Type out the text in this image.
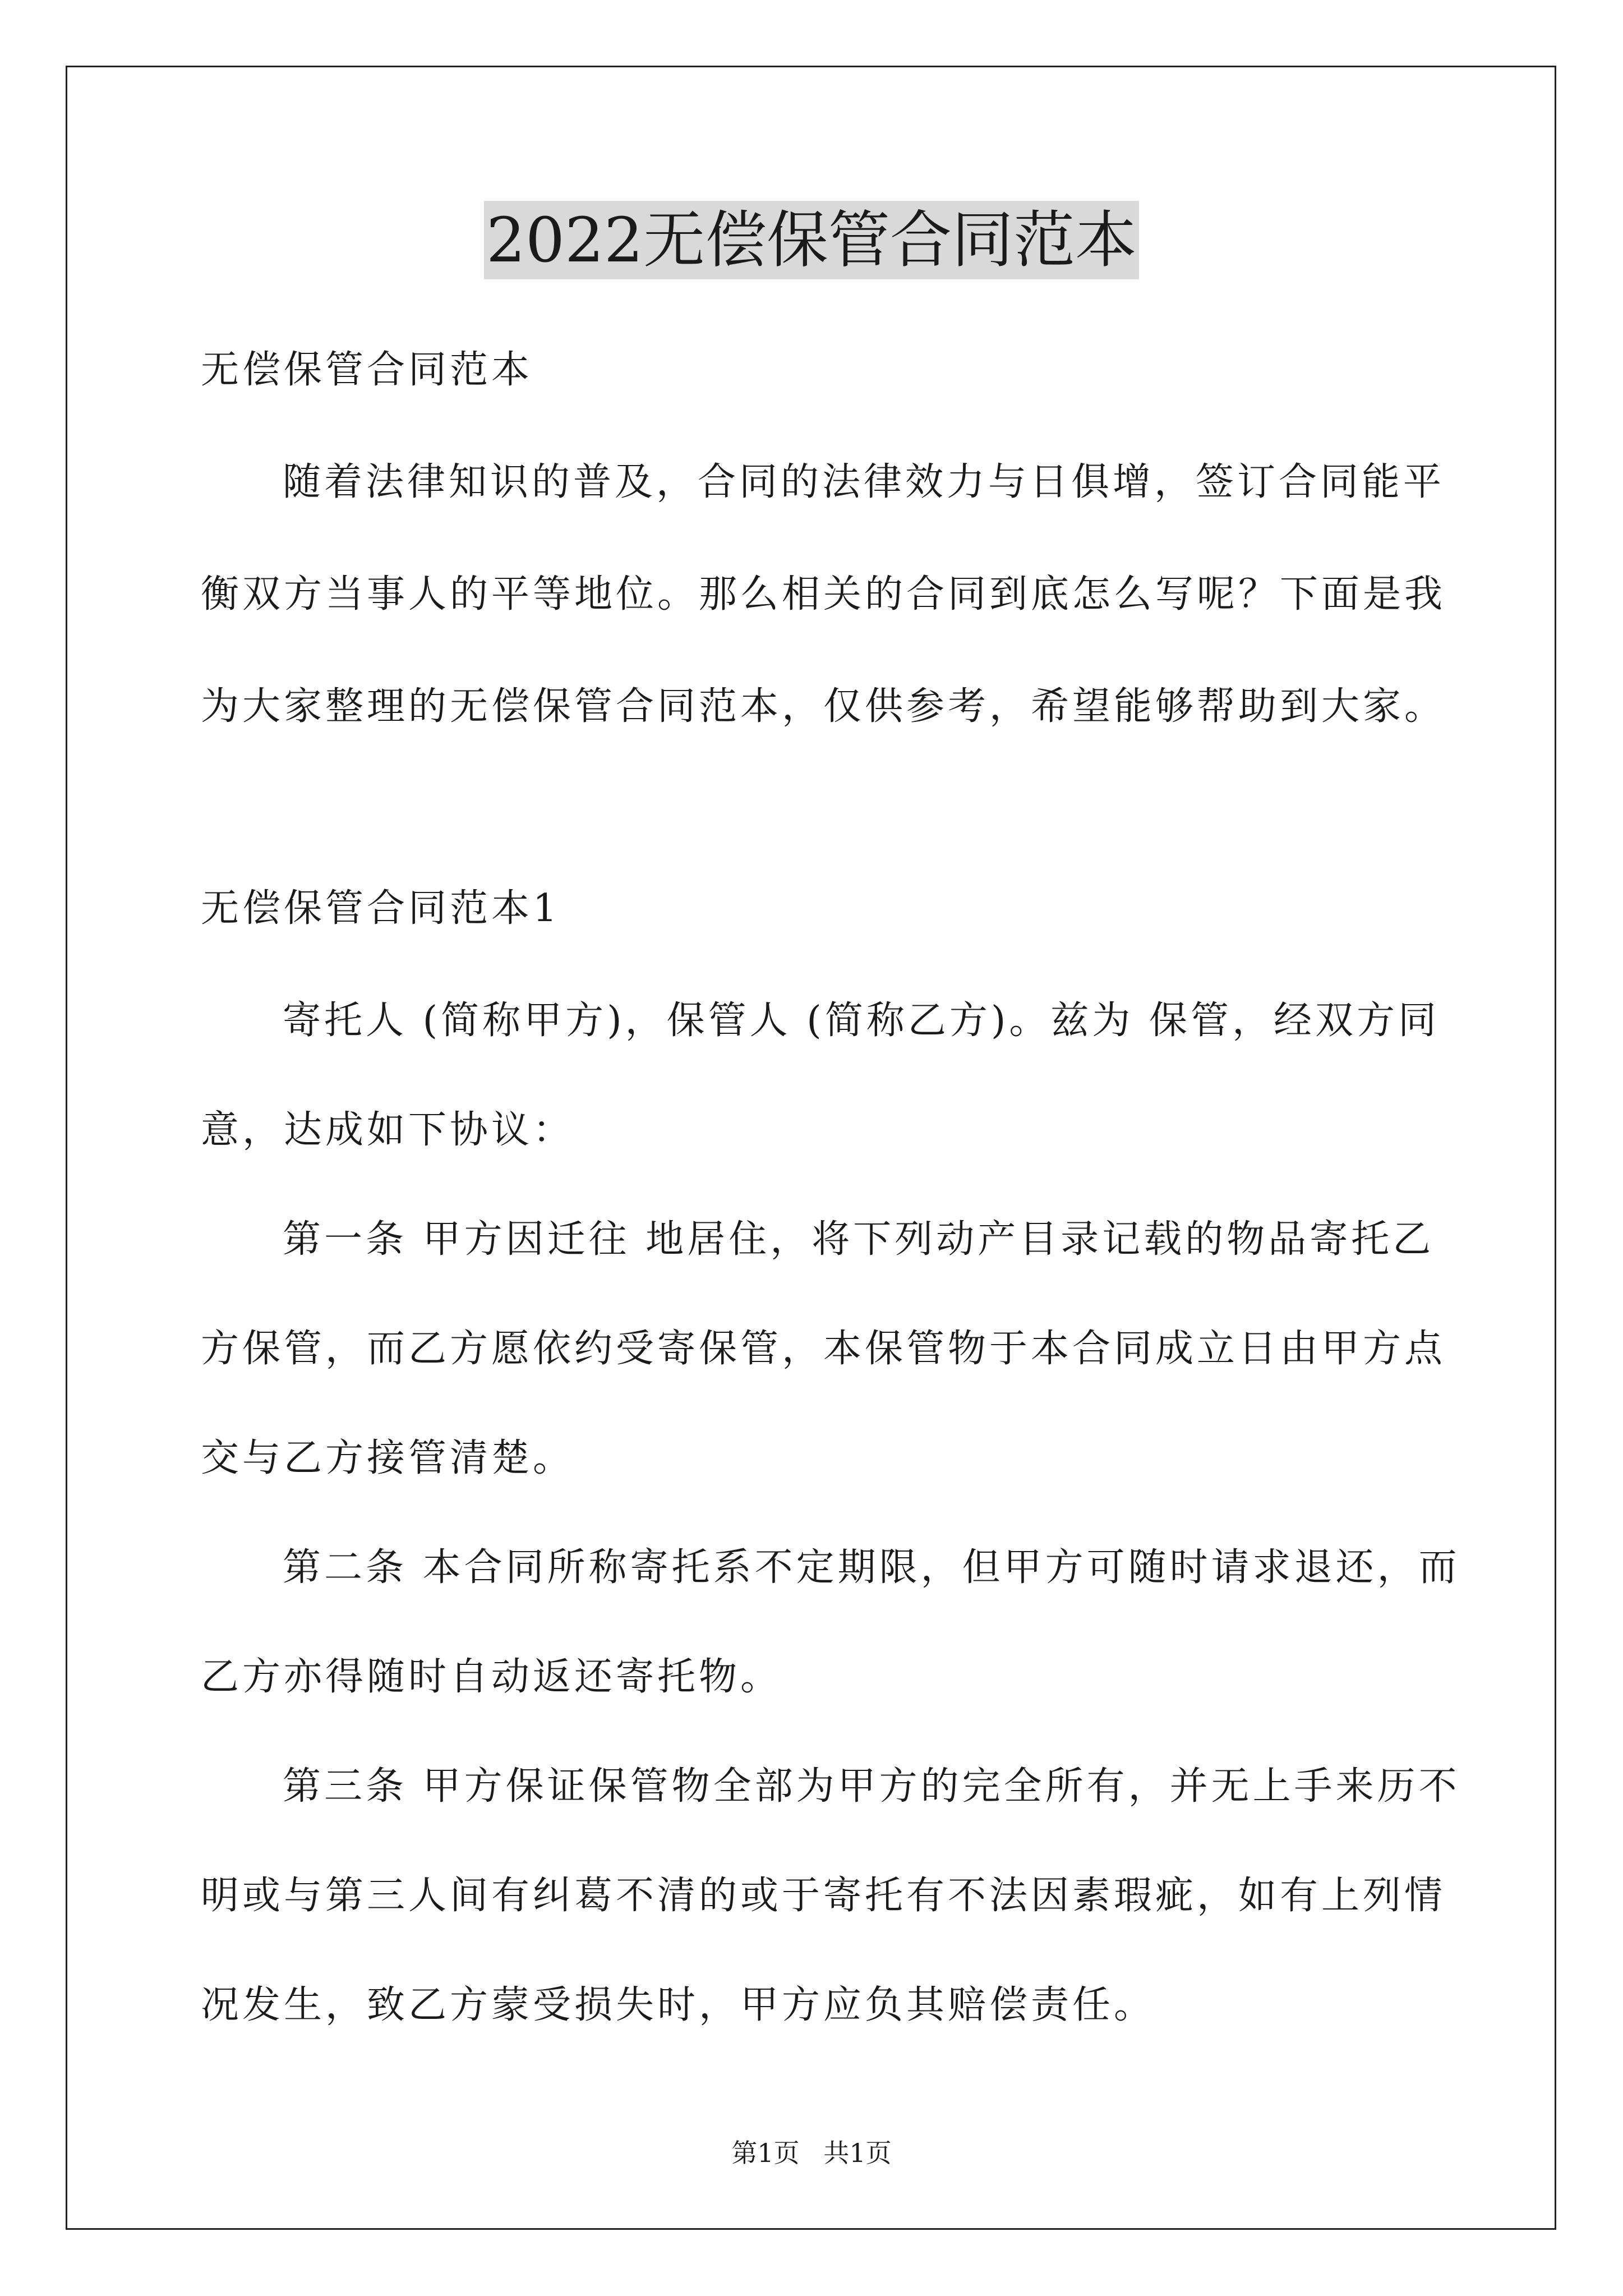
2022无偿保管合同范本
无偿保管合同范本
随着法律知识的普及，合同的法律效力与日俱增，签订合同能平
衡双方当事人的平等地位。那么相关的合同到底怎么写呢？下面是我
为大家整理的无偿保管合同范本，仅供参考，希望能够帮助到大家。
无偿保管合同范本1
寄托人 (简称甲方)，保管人 (简称乙方)。兹为 保管，经双方同
意，达成如下协议：
第一条 甲方因迁往 地居住，将下列动产目录记载的物品寄托乙
方保管，而乙方愿依约受寄保管，本保管物于本合同成立日由甲方点
交与乙方接管清楚。
第二条 本合同所称寄托系不定期限，但甲方可随时请求退还，而
乙方亦得随时自动返还寄托物。
第三条 甲方保证保管物全部为甲方的完全所有，并无上手来历不
明或与第三人间有纠葛不清的或于寄托有不法因素瑕疵，如有上列情
况发生，致乙方蒙受损失时，甲方应负其赔偿责任。
第1页 共1页
